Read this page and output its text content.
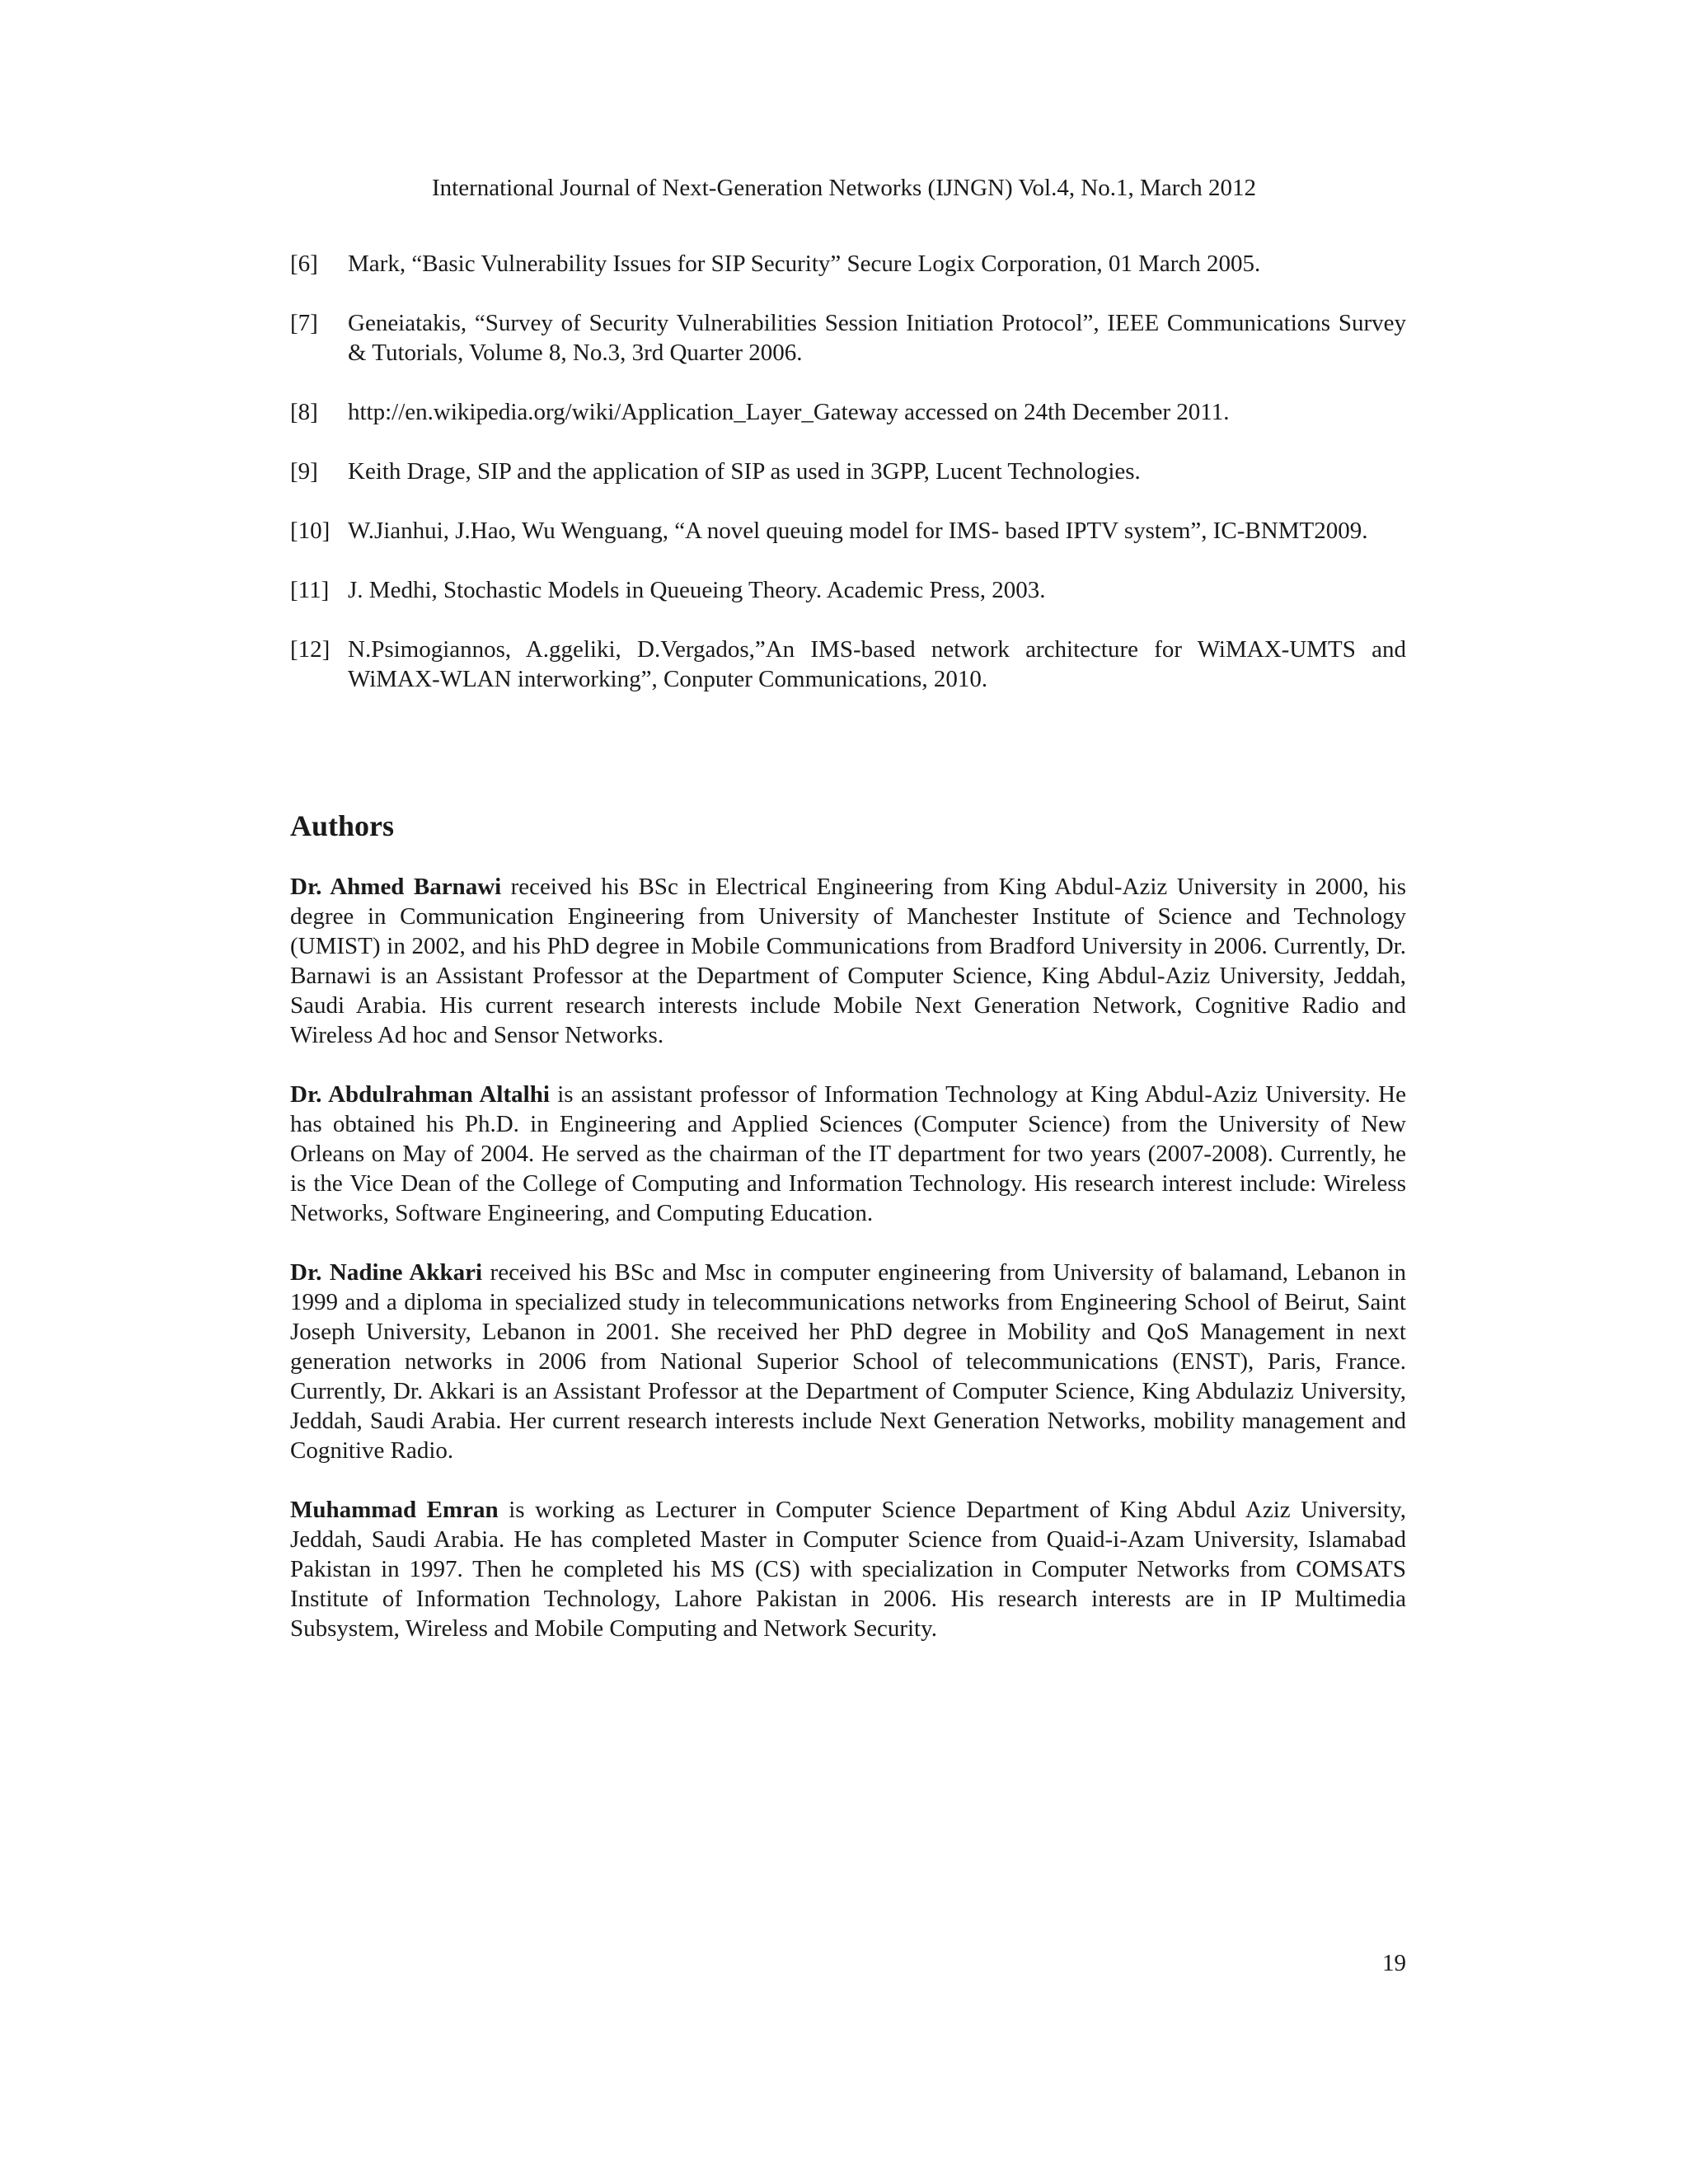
International Journal of Next-Generation Networks (IJNGN) Vol.4, No.1, March 2012
[6] Mark, “Basic Vulnerability Issues for SIP Security” Secure Logix Corporation, 01 March 2005.
[7] Geneiatakis, “Survey of Security Vulnerabilities Session Initiation Protocol”, IEEE Communications Survey & Tutorials, Volume 8, No.3, 3rd Quarter 2006.
[8] http://en.wikipedia.org/wiki/Application_Layer_Gateway accessed on 24th December 2011.
[9] Keith Drage, SIP and the application of SIP as used in 3GPP, Lucent Technologies.
[10] W.Jianhui, J.Hao, Wu Wenguang, “A novel queuing model for IMS- based IPTV system”, IC-BNMT2009.
[11] J. Medhi, Stochastic Models in Queueing Theory. Academic Press, 2003.
[12] N.Psimogiannos, A.ggeliki, D.Vergados,”An IMS-based network architecture for WiMAX-UMTS and WiMAX-WLAN interworking”, Conputer Communications, 2010.
Authors

Dr. Ahmed Barnawi received his BSc in Electrical Engineering from King Abdul-Aziz University in 2000, his degree in Communication Engineering from University of Manchester Institute of Science and Technology (UMIST) in 2002, and his PhD degree in Mobile Communications from Bradford University in 2006. Currently, Dr. Barnawi is an Assistant Professor at the Department of Computer Science, King Abdul-Aziz University, Jeddah, Saudi Arabia. His current research interests include Mobile Next Generation Network, Cognitive Radio and Wireless Ad hoc and Sensor Networks.

Dr. Abdulrahman Altalhi is an assistant professor of Information Technology at King Abdul-Aziz University. He has obtained his Ph.D. in Engineering and Applied Sciences (Computer Science) from the University of New Orleans on May of 2004. He served as the chairman of the IT department for two years (2007-2008). Currently, he is the Vice Dean of the College of Computing and Information Technology. His research interest include: Wireless Networks, Software Engineering, and Computing Education.

Dr. Nadine Akkari received his BSc and Msc in computer engineering from University of balamand, Lebanon in 1999 and a diploma in specialized study in telecommunications networks from Engineering School of Beirut, Saint Joseph University, Lebanon in 2001. She received her PhD degree in Mobility and QoS Management in next generation networks in 2006 from National Superior School of telecommunications (ENST), Paris, France. Currently, Dr. Akkari is an Assistant Professor at the Department of Computer Science, King Abdulaziz University, Jeddah, Saudi Arabia. Her current research interests include Next Generation Networks, mobility management and Cognitive Radio.

Muhammad Emran is working as Lecturer in Computer Science Department of King Abdul Aziz University, Jeddah, Saudi Arabia. He has completed Master in Computer Science from Quaid-i-Azam University, Islamabad Pakistan in 1997. Then he completed his MS (CS) with specialization in Computer Networks from COMSATS Institute of Information Technology, Lahore Pakistan in 2006. His research interests are in IP Multimedia Subsystem, Wireless and Mobile Computing and Network Security.

19
